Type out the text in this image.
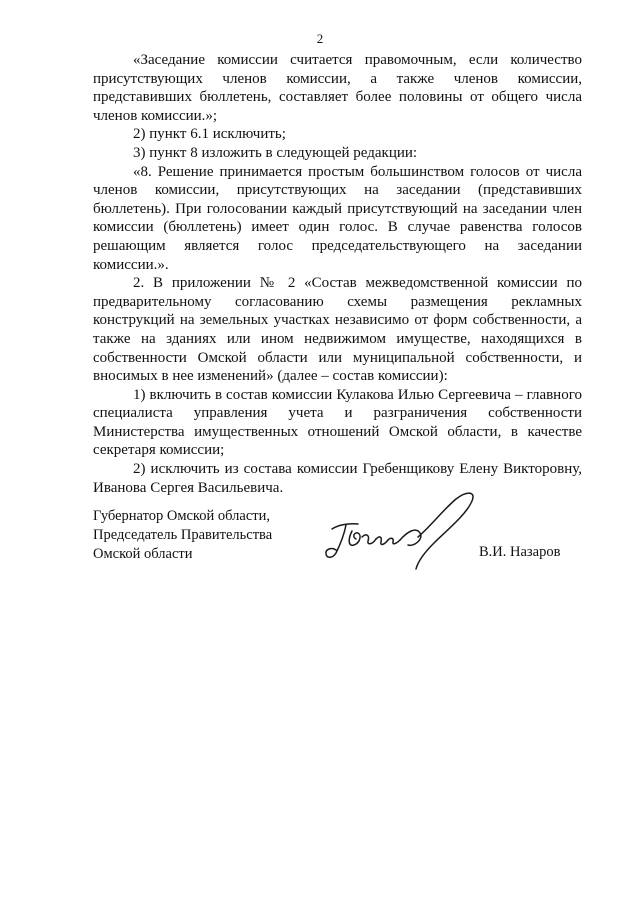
2

«Заседание комиссии считается правомочным, если количество присутствующих членов комиссии, а также членов комиссии, представивших бюллетень, составляет более половины от общего числа членов комиссии.»;

2) пункт 6.1 исключить;

3) пункт 8 изложить в следующей редакции:

«8. Решение принимается простым большинством голосов от числа членов комиссии, присутствующих на заседании (представивших бюллетень). При голосовании каждый присутствующий на заседании член комиссии (бюллетень) имеет один голос. В случае равенства голосов решающим является голос председательствующего на заседании комиссии.».

2. В приложении № 2 «Состав межведомственной комиссии по предварительному согласованию схемы размещения рекламных конструкций на земельных участках независимо от форм собственности, а также на зданиях или ином недвижимом имуществе, находящихся в собственности Омской области или муниципальной собственности, и вносимых в нее изменений» (далее – состав комиссии):

1) включить в состав комиссии Кулакова Илью Сергеевича – главного специалиста управления учета и разграничения собственности Министерства имущественных отношений Омской области, в качестве секретаря комиссии;

2) исключить из состава комиссии Гребенщикову Елену Викторовну, Иванова Сергея Васильевича.

Губернатор Омской области,
Председатель Правительства
Омской области	В.И. Назаров
